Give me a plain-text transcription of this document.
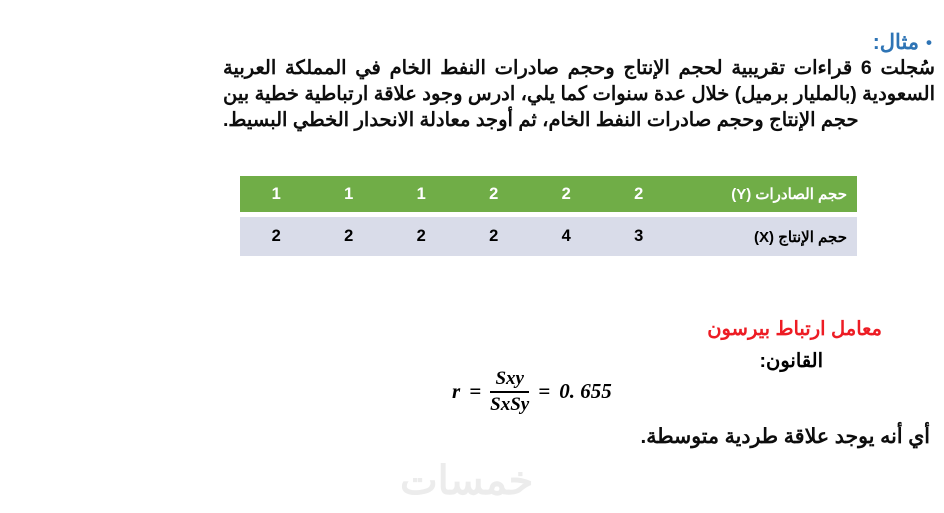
•
مثال:
سُجلت 6 قراءات تقريبية لحجم الإنتاج وحجم صادرات النفط الخام في المملكة العربية السعودية (بالمليار برميل) خلال عدة سنوات كما يلي، ادرس وجود علاقة ارتباطية خطية بين حجم الإنتاج وحجم صادرات النفط الخام، ثم أوجد معادلة الانحدار الخطي البسيط.
حجم الصادرات (Y)
2
2
2
1
1
1
حجم الإنتاج (X)
3
4
2
2
2
2
معامل ارتباط بيرسون
القانون:
$r = \frac{\text{Sxy}}{\text{SxSy}} = 0$. 655
أي أنه يوجد علاقة طردية متوسطة.
خمسات
